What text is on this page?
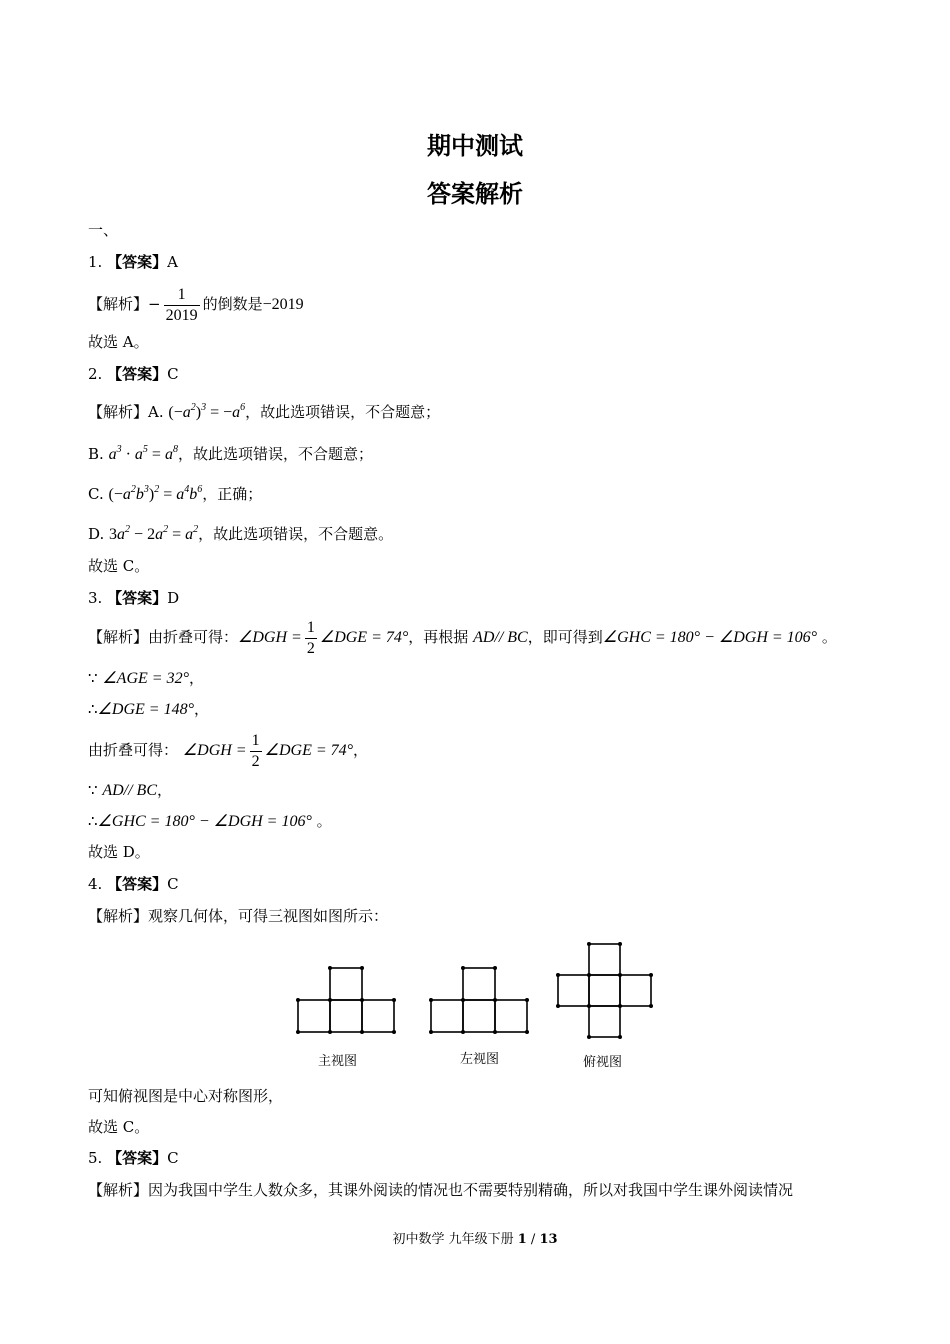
期中测试
答案解析
一、
1. 【答案】A
【解析】− $\frac{1}{2019}$ 的倒数是−2019
故选 A。
2. 【答案】C
【解析】A. $(-a^2)^3 = -a^6$，故此选项错误，不合题意；
B. $a^3 \cdot a^5 = a^8$，故此选项错误，不合题意；
C. $(-a^2b^3)^2 = a^4b^6$，正确；
D. $3a^2 - 2a^2 = a^2$，故此选项错误，不合题意。
故选 C。
3. 【答案】D
【解析】由折叠可得：∠DGH = $\frac{1}{2}$ ∠DGE = 74°，再根据 AD// BC，即可得到∠GHC = 180° − ∠DGH = 106° 。
∵ ∠AGE = 32°，
∴∠DGE = 148°，
由折叠可得： ∠DGH = $\frac{1}{2}$ ∠DGE = 74°，
∵ AD// BC，
∴∠GHC = 180° − ∠DGH = 106° 。
故选 D。
4. 【答案】C
【解析】观察几何体，可得三视图如图所示：
主视图	左视图	俯视图
可知俯视图是中心对称图形，
故选 C。
5. 【答案】C
【解析】因为我国中学生人数众多，其课外阅读的情况也不需要特别精确，所以对我国中学生课外阅读情况
初中数学 九年级下册 1 / 13
